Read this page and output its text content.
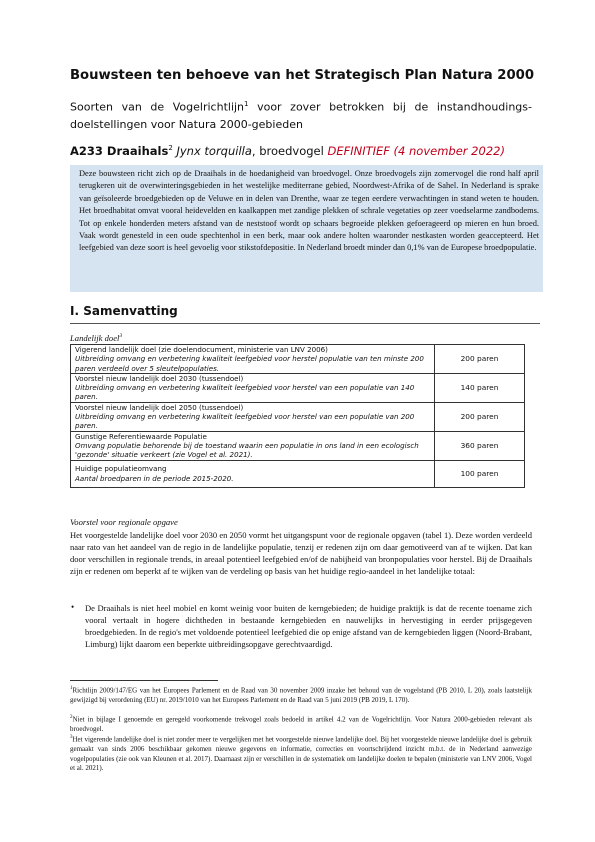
Bouwsteen ten behoeve van het Strategisch Plan Natura 2000

Soorten van de Vogelrichtlijn$^1$ voor zover betrokken bij de instandhoudings-doelstellingen voor Natura 2000-gebieden

A233 Draaihals$^2$ Jynx torquilla, broedvogel DEFINITIEF (4 november 2022)

Deze bouwsteen richt zich op de Draaihals in de hoedanigheid van broedvogel. Onze broedvogels zijn zomervogel die rond half april terugkeren uit de overwinteringsgebieden in het westelijke mediterrane gebied, Noordwest-Afrika of de Sahel. In Nederland is sprake van geïsoleerde broedgebieden op de Veluwe en in delen van Drenthe, waar ze tegen eerdere verwachtingen in stand weten te houden. Het broedhabitat omvat vooral heidevelden en kaalkappen met zandige plekken of schrale vegetaties op zeer voedselarme zandbodems. Tot op enkele honderden meters afstand van de neststoof wordt op schaars begroeide plekken gefoerageerd op mieren en hun broed. Vaak wordt genesteld in een oude spechtenhol in een berk, maar ook andere holten waaronder nestkasten worden geaccepteerd. Het leefgebied van deze soort is heel gevoelig voor stikstofdepositie. In Nederland broedt minder dan 0,1% van de Europese broedpopulatie.
I. Samenvatting
Landelijk doel$^3$
Vigerend landelijk doel (zie doelendocument, ministerie van LNV 2006)
Uitbreiding omvang en verbetering kwaliteit leefgebied voor herstel populatie van ten minste 200 paren verdeeld over 5 sleutelpopulaties.	200 paren

Voorstel nieuw landelijk doel 2030 (tussendoel)
Uitbreiding omvang en verbetering kwaliteit leefgebied voor herstel van een populatie van 140 paren.	140 paren

Voorstel nieuw landelijk doel 2050 (tussendoel)
Uitbreiding omvang en verbetering kwaliteit leefgebied voor herstel van een populatie van 200 paren.	200 paren

Gunstige Referentiewaarde Populatie
Omvang populatie behorende bij de toestand waarin een populatie in ons land in een ecologisch 'gezonde' situatie verkeert (zie Vogel et al. 2021).	360 paren

Huidige populatieomvang
Aantal broedparen in de periode 2015-2020.	100 paren
Voorstel voor regionale opgave

Het voorgestelde landelijke doel voor 2030 en 2050 vormt het uitgangspunt voor de regionale opgaven (tabel 1). Deze worden verdeeld naar rato van het aandeel van de regio in de landelijke populatie, tenzij er redenen zijn om daar gemotiveerd van af te wijken. Dat kan door verschillen in regionale trends, in areaal potentieel leefgebied en/of de nabijheid van bronpopulaties voor herstel. Bij de Draaihals zijn er redenen om beperkt af te wijken van de verdeling op basis van het huidige regio-aandeel in het landelijke totaal:

• De Draaihals is niet heel mobiel en komt weinig voor buiten de kerngebieden; de huidige praktijk is dat de recente toename zich vooral vertaalt in hogere dichtheden in bestaande kerngebieden en nauwelijks in hervestiging in eerder prijsgegeven broedgebieden. In de regio's met voldoende potentieel leefgebied die op enige afstand van de kerngebieden liggen (Noord-Brabant, Limburg) lijkt daarom een beperkte uitbreidingsopgave gerechtvaardigd.

$^1$Richtlijn 2009/147/EG van het Europees Parlement en de Raad van 30 november 2009 inzake het behoud van de vogelstand (PB 2010, L 20), zoals laatstelijk gewijzigd bij verordening (EU) nr. 2019/1010 van het Europees Parlement en de Raad van 5 juni 2019 (PB 2019, L 170).

$^2$Niet in bijlage I genoemde en geregeld voorkomende trekvogel zoals bedoeld in artikel 4.2 van de Vogelrichtlijn. Voor Natura 2000-gebieden relevant als broedvogel.

$^3$Het vigerende landelijke doel is niet zonder meer te vergelijken met het voorgestelde nieuwe landelijke doel. Bij het voorgestelde nieuwe landelijke doel is gebruik gemaakt van sinds 2006 beschikbaar gekomen nieuwe gegevens en informatie, correcties en voortschrijdend inzicht m.b.t. de in Nederland aanwezige vogelpopulaties (zie ook van Kleunen et al. 2017). Daarnaast zijn er verschillen in de systematiek om landelijke doelen te bepalen (ministerie van LNV 2006, Vogel et al. 2021).
